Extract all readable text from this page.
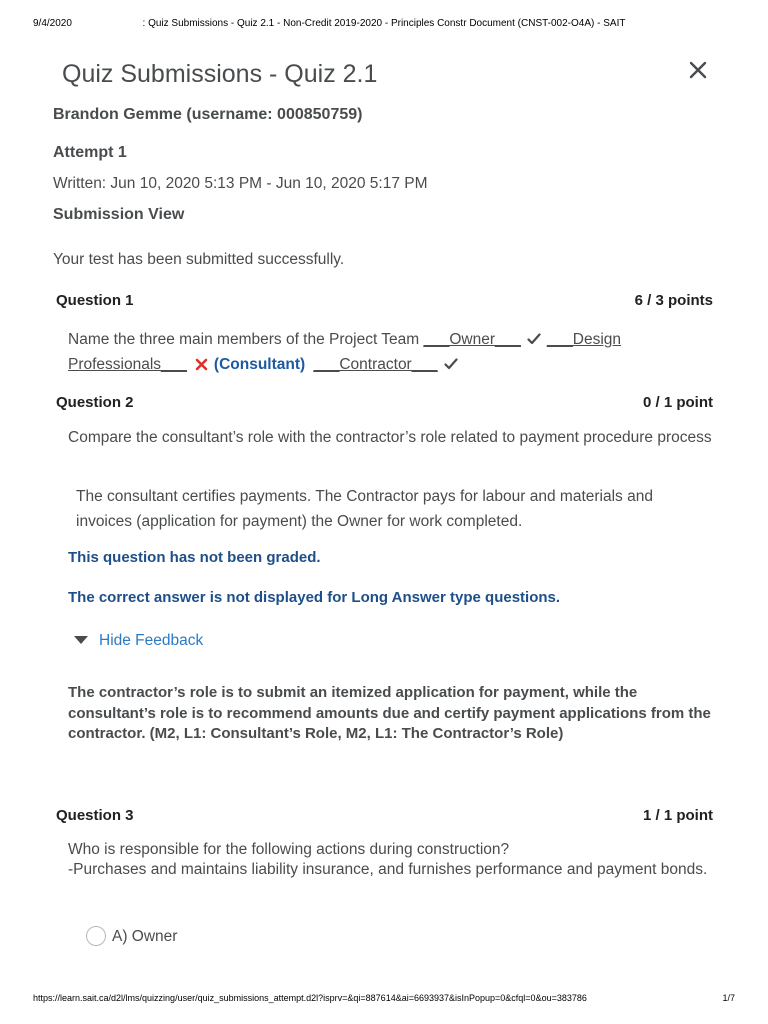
9/4/2020	: Quiz Submissions - Quiz 2.1 - Non-Credit 2019-2020 - Principles Constr Document (CNST-002-O4A) - SAIT
Quiz Submissions - Quiz 2.1
Brandon Gemme (username: 000850759)
Attempt 1
Written: Jun 10, 2020 5:13 PM - Jun 10, 2020 5:17 PM
Submission View
Your test has been submitted successfully.
Question 1	6 / 3 points
Name the three main members of the Project Team ___Owner___ ___Design
Professionals___ (Consultant) ___Contractor___
Question 2	0 / 1 point
Compare the consultant’s role with the contractor’s role related to payment procedure process
The consultant certifies payments. The Contractor pays for labour and materials and invoices (application for payment) the Owner for work completed.
This question has not been graded.
The correct answer is not displayed for Long Answer type questions.
Hide Feedback
The contractor’s role is to submit an itemized application for payment, while the consultant’s role is to recommend amounts due and certify payment applications from the contractor. (M2, L1: Consultant’s Role, M2, L1: The Contractor’s Role)
Question 3	1 / 1 point
Who is responsible for the following actions during construction?
-Purchases and maintains liability insurance, and furnishes performance and payment bonds.
A) Owner
https://learn.sait.ca/d2l/lms/quizzing/user/quiz_submissions_attempt.d2l?isprv=&qi=887614&ai=6693937&isInPopup=0&cfql=0&ou=383786	1/7
